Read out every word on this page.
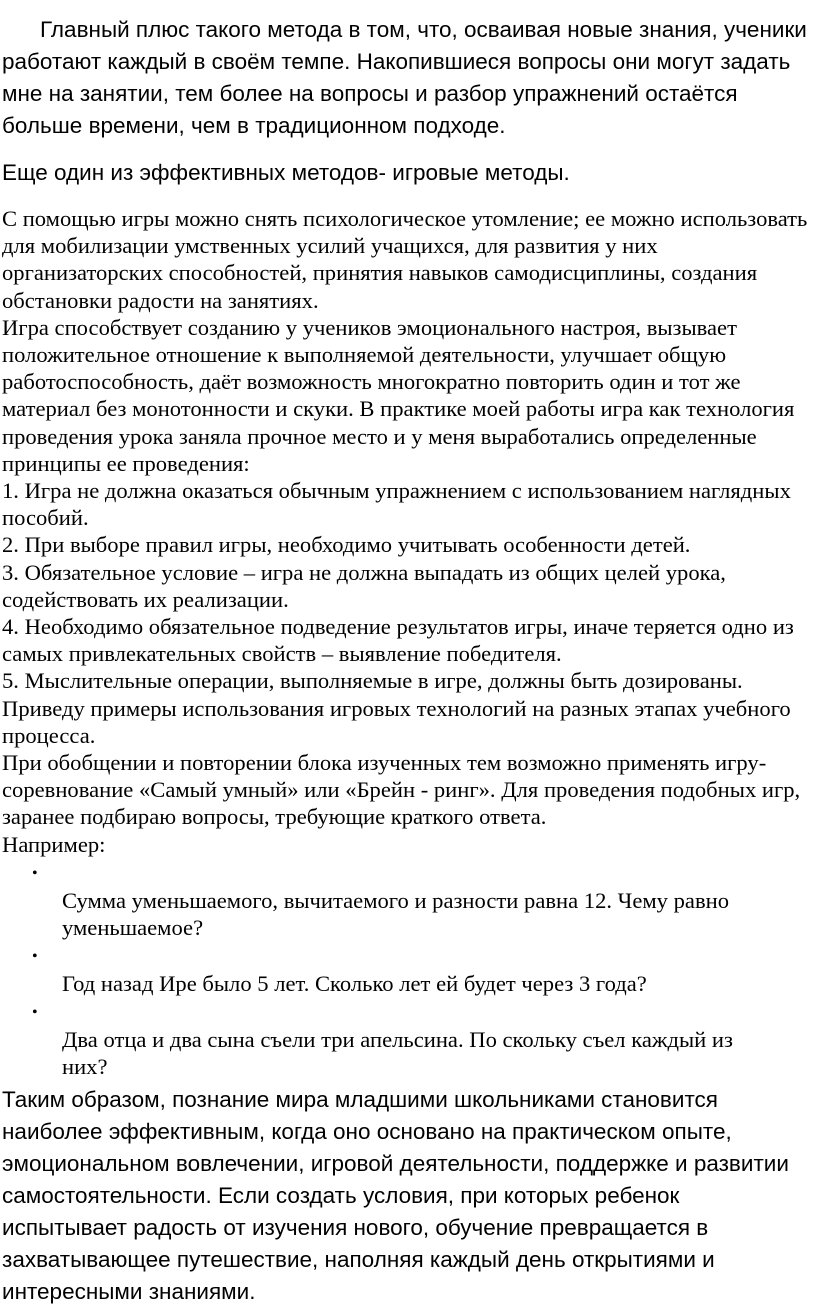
Главный плюс такого метода в том, что, осваивая новые знания, ученики работают каждый в своём темпе. Накопившиеся вопросы они могут задать мне на занятии, тем более на вопросы и разбор упражнений остаётся больше времени, чем в традиционном подходе.

Еще один из эффективных методов- игровые методы.

С помощью игры можно снять психологическое утомление; ее можно использовать для мобилизации умственных усилий учащихся, для развития у них организаторских способностей, принятия навыков самодисциплины, создания обстановки радости на занятиях.
Игра способствует созданию у учеников эмоционального настроя, вызывает положительное отношение к выполняемой деятельности, улучшает общую работоспособность, даёт возможность многократно повторить один и тот же материал без монотонности и скуки. В практике моей работы игра как технология проведения урока заняла прочное место и у меня выработались определенные принципы ее проведения:
1. Игра не должна оказаться обычным упражнением с использованием наглядных пособий.
2. При выборе правил игры, необходимо учитывать особенности детей.
3. Обязательное условие – игра не должна выпадать из общих целей урока, содействовать их реализации.
4. Необходимо обязательное подведение результатов игры, иначе теряется одно из самых привлекательных свойств – выявление победителя.
5. Мыслительные операции, выполняемые в игре, должны быть дозированы.
Приведу примеры использования игровых технологий на разных этапах учебного процесса.
При обобщении и повторении блока изученных тем возможно применять игру-соревнование «Самый умный» или «Брейн - ринг». Для проведения подобных игр, заранее подбираю вопросы, требующие краткого ответа.
Например:
•
Сумма уменьшаемого, вычитаемого и разности равна 12. Чему равно уменьшаемое?
•
Год назад Ире было 5 лет. Сколько лет ей будет через 3 года?
•
Два отца и два сына съели три апельсина. По скольку съел каждый из них?

Таким образом, познание мира младшими школьниками становится наиболее эффективным, когда оно основано на практическом опыте, эмоциональном вовлечении, игровой деятельности, поддержке и развитии самостоятельности. Если создать условия, при которых ребенок испытывает радость от изучения нового, обучение превращается в захватывающее путешествие, наполняя каждый день открытиями и интересными знаниями.
